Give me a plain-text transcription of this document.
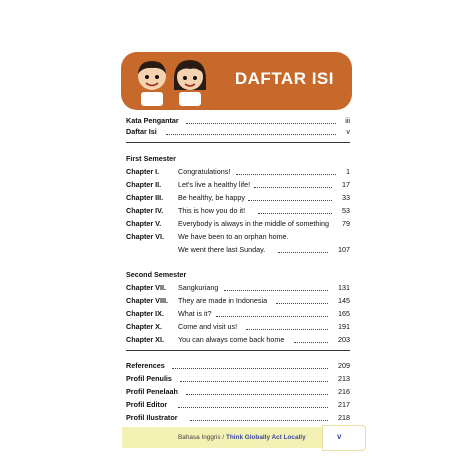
DAFTAR ISI
Kata Pengantar	iii
Daftar Isi	v
First Semester
Chapter I.	Congratulations!	1
Chapter II. Let's live a healthy life!	17
Chapter III. Be healthy, be happy	33
Chapter IV. This is how you do it!	53
Chapter V. Everybody is always in the middle of something 79
Chapter VI. We have been to an orphan home.
We went there last Sunday.	107
Second Semester
Chapter VII. Sangkuriang	131
Chapter VIII. They are made in Indonesia	145
Chapter IX. What is it?	165
Chapter X. Come and visit us!	191
Chapter XI. You can always come back home	203
References	209
Profil Penulis	213
Profil Penelaah	216
Profil Editor	217
Profil Ilustrator	218
Bahasa Inggris / Think Globally Act Locally	v
